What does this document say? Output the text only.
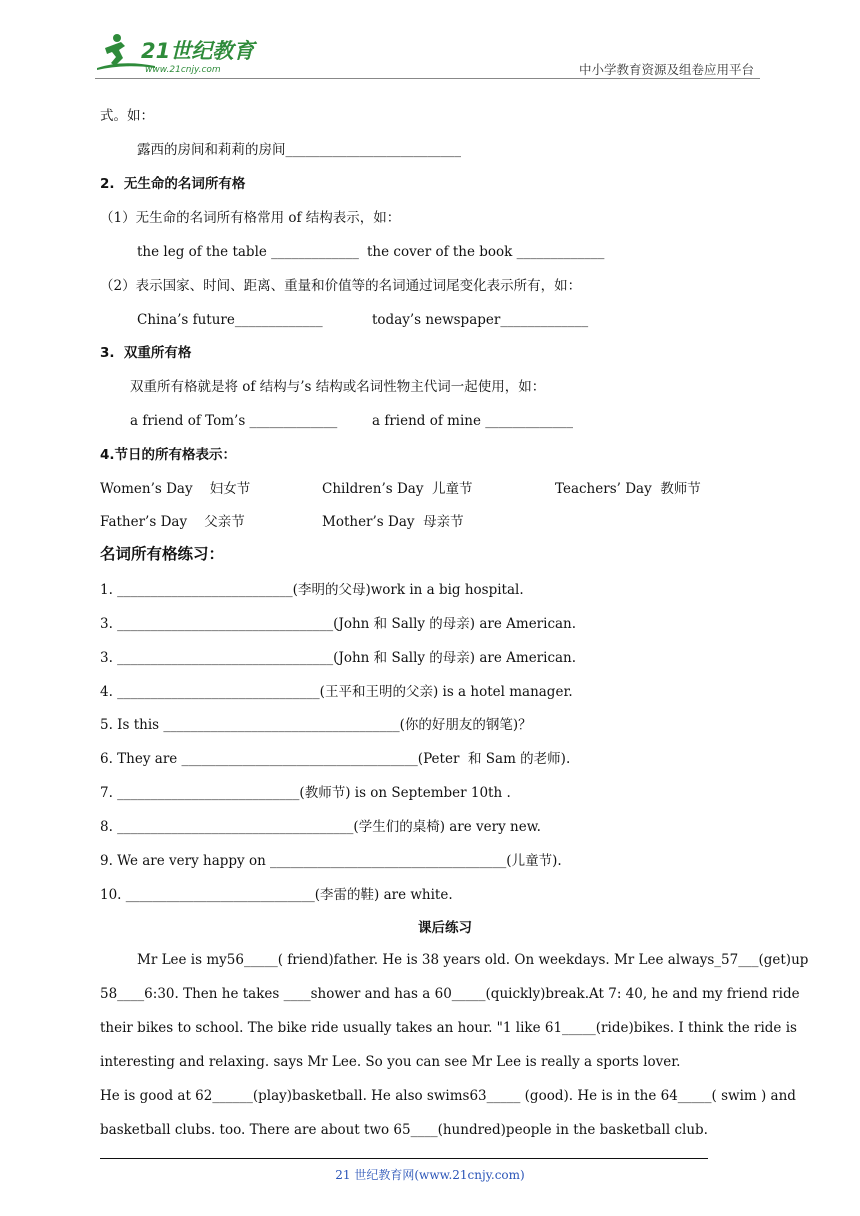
21世纪教育
www.21cnjy.com	中小学教育资源及组卷应用平台
式。如：
露西的房间和莉莉的房间__________________________
2.  无生命的名词所有格
（1）无生命的名词所有格常用 of 结构表示，如：
the leg of the table _____________ the cover of the book _____________
（2）表示国家、时间、距离、重量和价值等的名词通过词尾变化表示所有，如：
China’s future_____________	today’s newspaper_____________
3.  双重所有格
双重所有格就是将 of 结构与’s 结构或名词性物主代词一起使用，如：
a friend of Tom’s _____________	a friend of mine _____________
4.节日的所有格表示：
Women’s Day    妇女节	Children’s Day  儿童节	Teachers’ Day  教师节
Father’s Day    父亲节	Mother’s Day  母亲节
名词所有格练习：
1. __________________________(李明的父母)work in a big hospital.
3. ________________________________(John 和 Sally 的母亲) are American.
3. ________________________________(John 和 Sally 的母亲) are American.
4. ______________________________(王平和王明的父亲) is a hotel manager.
5. Is this ___________________________________(你的好朋友的钢笔)？
6. They are ___________________________________(Peter  和 Sam 的老师).
7. ___________________________(教师节) is on September 10th .
8. ___________________________________(学生们的桌椅) are very new.
9. We are very happy on ___________________________________(儿童节).
10. ____________________________(李雷的鞋) are white.
课后练习
Mr Lee is my56_____( friend)father. He is 38 years old. On weekdays. Mr Lee always_57___(get)up
58____6:30. Then he takes ____shower and has a 60_____(quickly)break.At 7: 40, he and my friend ride
their bikes to school. The bike ride usually takes an hour. "1 like 61_____(ride)bikes. I think the ride is
interesting and relaxing. says Mr Lee. So you can see Mr Lee is really a sports lover.
He is good at 62______(play)basketball. He also swims63_____ (good). He is in the 64_____( swim ) and
basketball clubs. too. There are about two 65____(hundred)people in the basketball club.
21 世纪教育网(www.21cnjy.com)
